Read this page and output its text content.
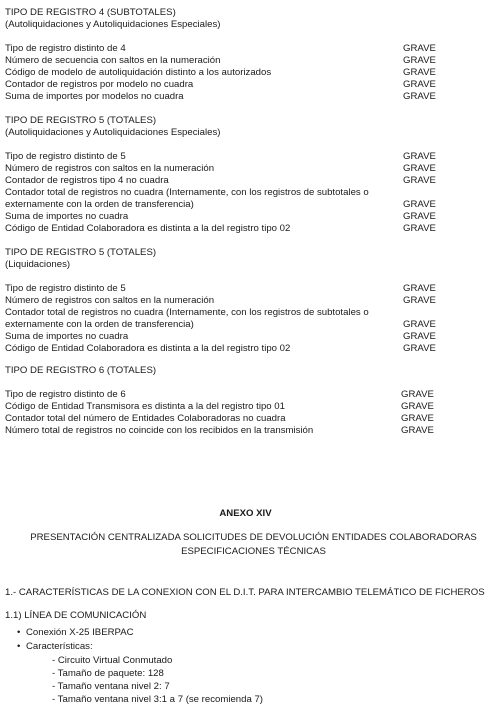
TIPO DE REGISTRO 4 (SUBTOTALES)
(Autoliquidaciones y Autoliquidaciones Especiales)
Tipo de registro distinto de 4	GRAVE
Número de secuencia con saltos en la numeración	GRAVE
Código de modelo de autoliquidación distinto a los autorizados	GRAVE
Contador de registros por modelo no cuadra	GRAVE
Suma de importes por modelos no cuadra	GRAVE
TIPO DE REGISTRO 5 (TOTALES)
(Autoliquidaciones y Autoliquidaciones Especiales)
Tipo de registro distinto de 5	GRAVE
Número de registros con saltos en la numeración	GRAVE
Contador de registros tipo 4 no cuadra	GRAVE
Contador total de registros no cuadra (Internamente, con los registros de subtotales o externamente con la orden de transferencia)	GRAVE
Suma de importes no cuadra	GRAVE
Código de Entidad Colaboradora es distinta a la del registro tipo 02	GRAVE
TIPO DE REGISTRO 5 (TOTALES)
(Liquidaciones)
Tipo de registro distinto de 5	GRAVE
Número de registros con saltos en la numeración	GRAVE
Contador total de registros no cuadra (Internamente, con los registros de subtotales o externamente con la orden de transferencia)	GRAVE
Suma de importes no cuadra	GRAVE
Código de Entidad Colaboradora es distinta a la del registro tipo 02	GRAVE
TIPO DE REGISTRO 6 (TOTALES)
Tipo de registro distinto de 6	GRAVE
Código de Entidad Transmisora es distinta a la del registro tipo 01	GRAVE
Contador total del número de Entidades Colaboradoras no cuadra	GRAVE
Número total de registros no coincide con los recibidos en la transmisión	GRAVE
ANEXO XIV
PRESENTACIÓN CENTRALIZADA SOLICITUDES DE DEVOLUCIÓN ENTIDADES COLABORADORAS
ESPECIFICACIONES TÉCNICAS
1.- CARACTERÍSTICAS DE LA CONEXION CON EL D.I.T. PARA INTERCAMBIO TELEMÁTICO DE FICHEROS
1.1) LÍNEA DE COMUNICACIÓN
• Conexión X-25 IBERPAC
• Características:
- Circuito Virtual Conmutado
- Tamaño de paquete: 128
- Tamaño ventana nivel 2: 7
- Tamaño ventana nivel 3:1 a 7 (se recomienda 7)
